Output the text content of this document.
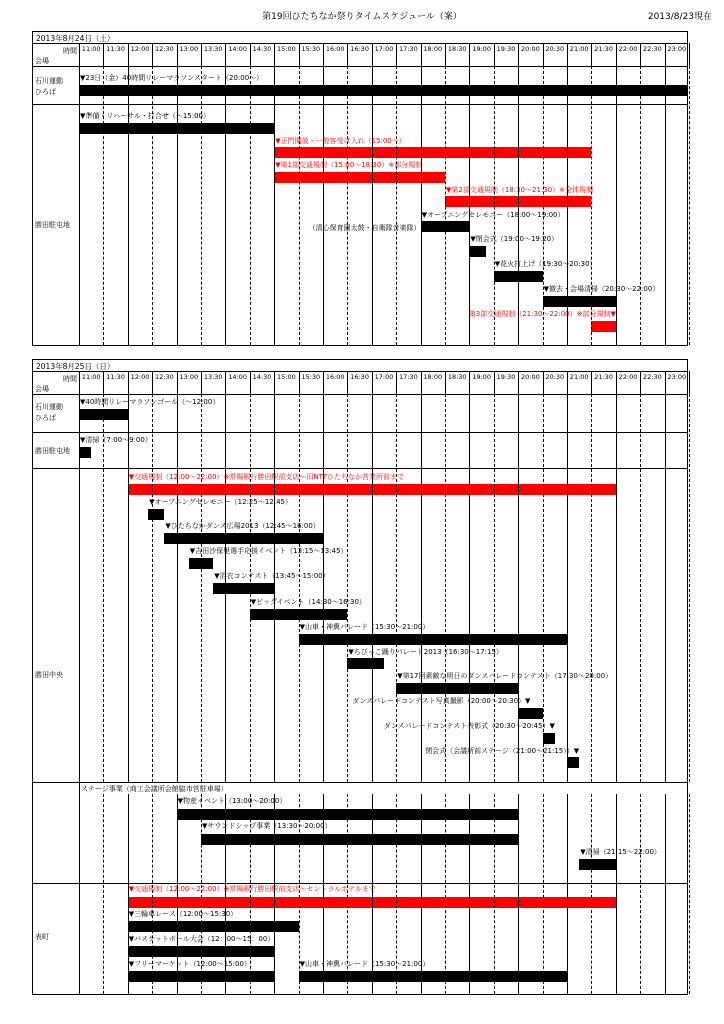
第19回ひたちなか祭りタイムスケジュール（案）	2013/8/23現在
2013年8月24日（土）
時間
会場
石川運動
ひろば
勝田駐屯地
▼23日（金）40時間リレーマラソンスタート（20:00〜）
▼準備・リハーサル・打合せ（〜15:00）
▼正門開放・一般客受け入れ（15:00〜）
▼第1部交通規制（15:00〜18:30）※部分規制
▼第2部交通規制（18:30〜21:30）※全体規制
▼オープニングセレモニー（18:00〜19:00）
（清心保育園太鼓・自衛隊音楽隊）
▼閉会式（19:00〜19:20）
▼花火打上げ（19:30〜20:30）
▼撤去・会場清掃（20:30〜22:00）
第3部交通規制（21:30〜22:00）※部分規制▼
11:00 11:30 12:00 12:30 13:00 13:30 14:00 14:30 15:00 15:30 16:00 16:30 17:00 17:30 18:00 18:30 19:00 19:30 20:00 20:30 21:00 21:30 22:00 22:30 23:00
2013年8月25日（日）
時間
会場
石川運動
ひろば
勝田駐屯地
勝田中央
表町
▼40時間リレーマラソンゴール（〜12:00）
▼清掃（7:00〜9:00）
▼交通規制（12:00〜22:00）※常陽銀行勝田駅前支店〜旧NTTひたちなか営業所前まで
▼オープニングセレモニー（12:25〜12:45）
▼ひたちなかダンス広場2013（12:45〜16:00）
▼吉田沙保里選手応援イベント（13:15〜13:45）
▼浴衣コンテスト（13:45〜15:00）
▼ビッグイベント（14:30〜16:30）
▼山車・神輿パレード（15:30〜21:00）
▼ちびっこ踊りパレード2013（16:30〜17:15）
▼第17回素敵な明日のダンスパレードコンテスト（17:30〜20:00）
ダンスパレードコンテスト写真撮影（20:00〜20:30）▼
ダンスパレードコンテスト表彰式（20:30〜20:45）▼
閉会式（会議所前ステージ（21:00〜21:15））▼
ステージ事業（商工会議所会館脇市営駐車場）
▼物産イベント（13:00〜20:00）
▼サウンドシップ事業（13:30〜20:00）
▼清掃（21:15〜22:00）
▼交通規制（12:00〜22:00）※常陽銀行勝田駅前支店〜セントラルホテルまで
▼三輪車レース（12:00〜15:30）
▼バスケットボール大会（12：00〜15：00）
▼フリーマーケット（12:00〜15:00）	▼山車・神輿パレード（15:30〜21:00）
11:00 11:30 12:00 12:30 13:00 13:30 14:00 14:30 15:00 15:30 16:00 16:30 17:00 17:30 18:00 18:30 19:00 19:30 20:00 20:30 21:00 21:30 22:00 22:30 23:00
